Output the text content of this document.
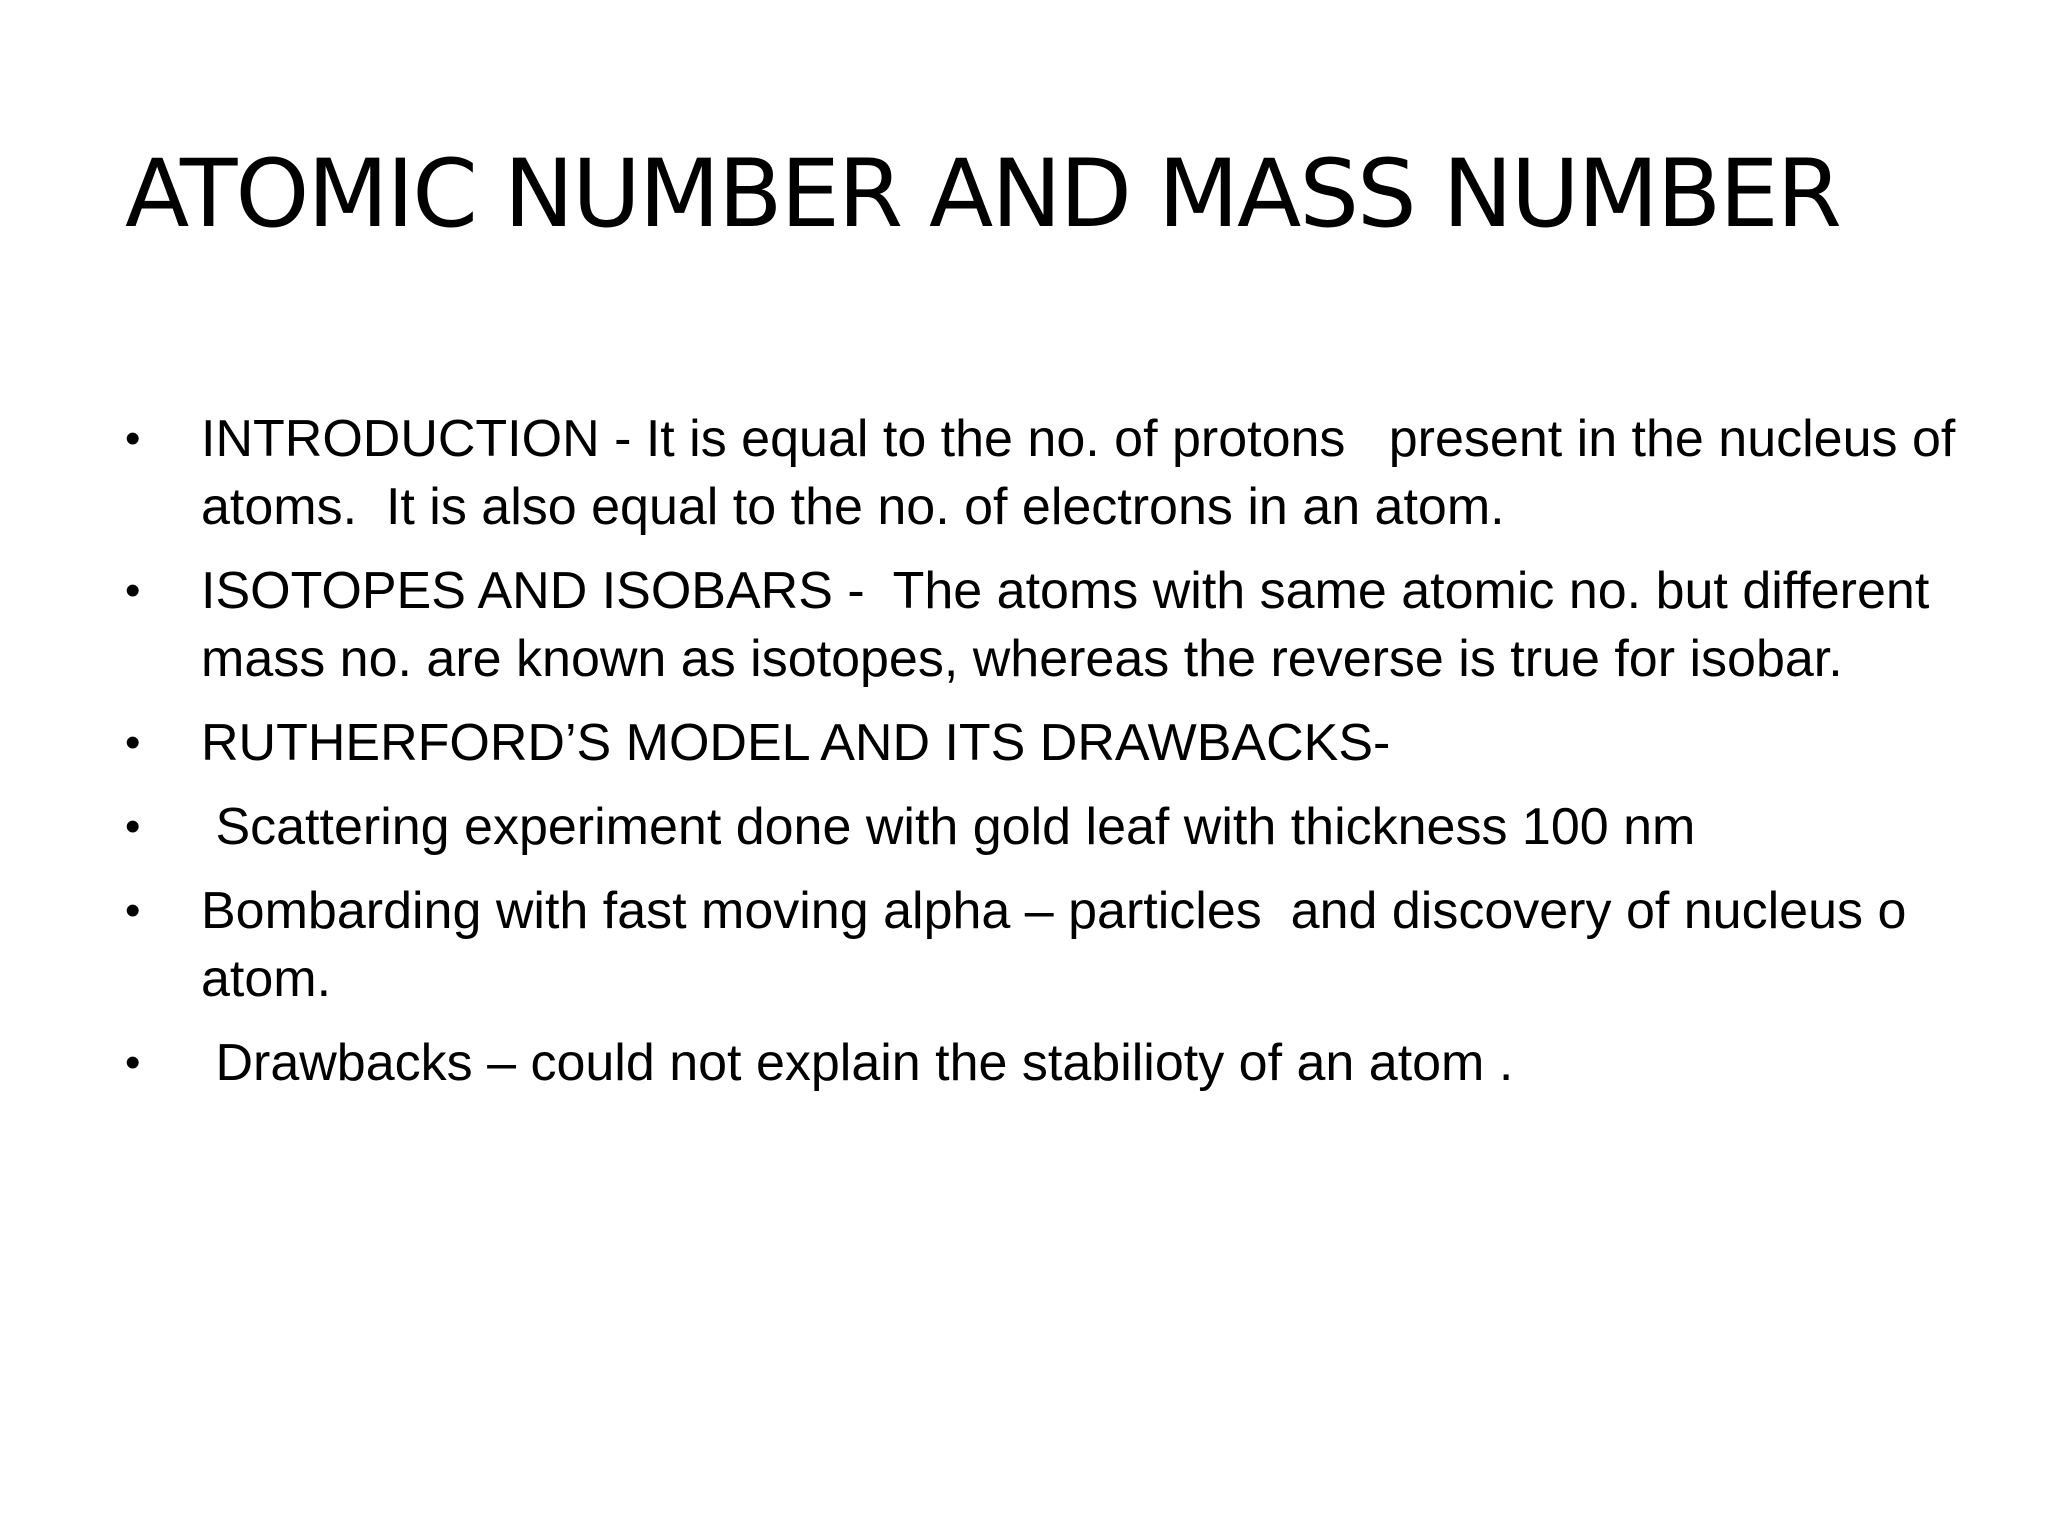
ATOMIC NUMBER AND MASS NUMBER
•	INTRODUCTION - It is equal to the no. of protons   present in the nucleus of atoms.  It is also equal to the no. of electrons in an atom.
•	ISOTOPES AND ISOBARS -  The atoms with same atomic no. but different mass no. are known as isotopes, whereas the reverse is true for isobar.
•	RUTHERFORD’S MODEL AND ITS DRAWBACKS-
•	Scattering experiment done with gold leaf with thickness 100 nm
•	Bombarding with fast moving alpha – particles  and discovery of nucleus o atom.
•	Drawbacks – could not explain the stabilioty of an atom .
